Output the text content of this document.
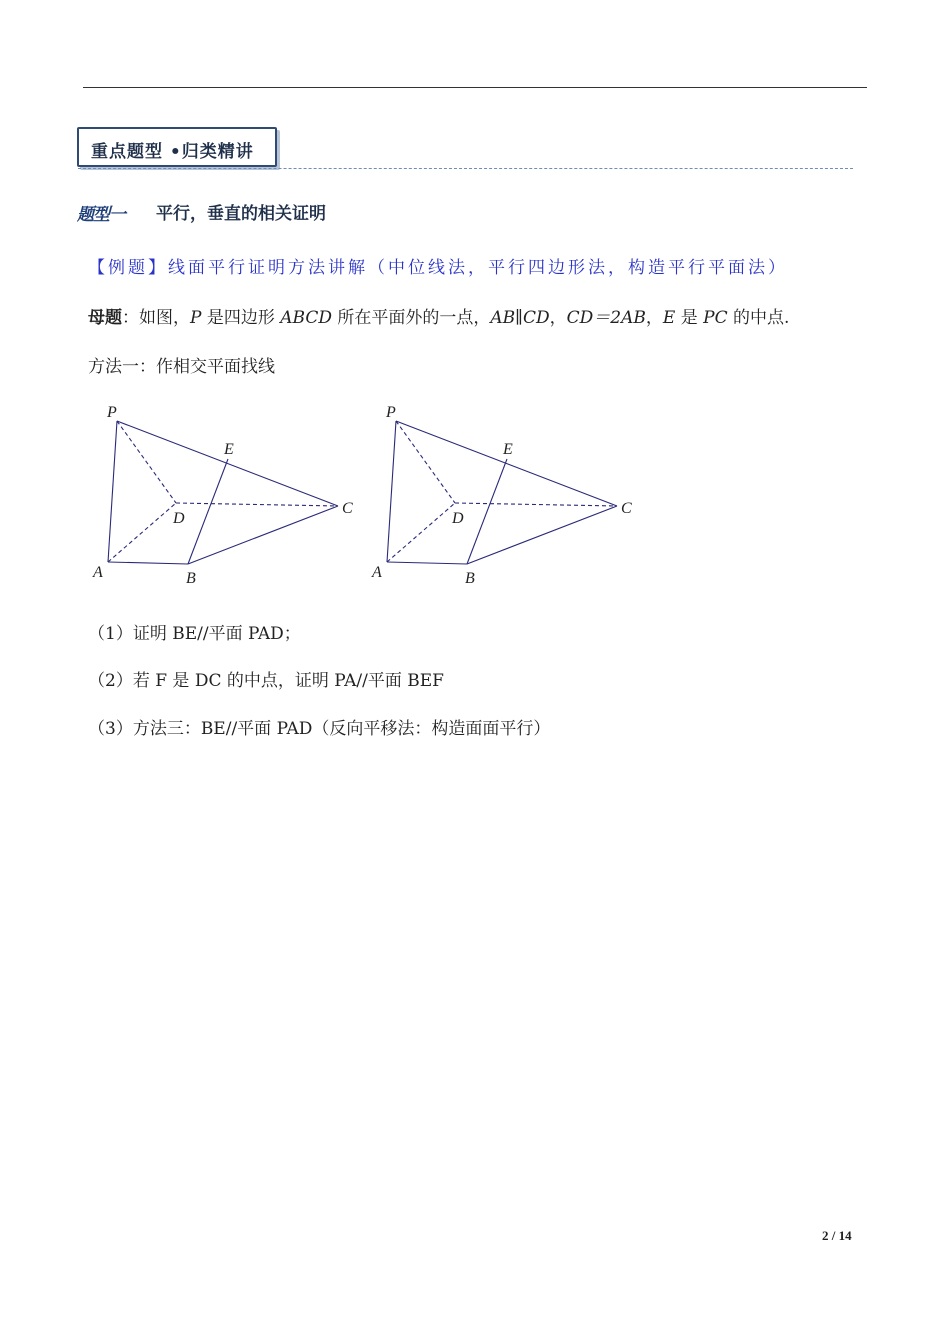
重点题型 •归类精讲
题型一 平行，垂直的相关证明
【例题】线面平行证明方法讲解（中位线法，平行四边形法，构造平行平面法）
母题：如图，P 是四边形 ABCD 所在平面外的一点，AB∥CD，CD＝2AB，E 是 PC 的中点.
方法一：作相交平面找线
P
E
D
C
A	B
P
E
D
C
A	B
（1）证明 BE//平面 PAD；
（2）若 F 是 DC 的中点，证明 PA//平面 BEF
（3）方法三：BE//平面 PAD（反向平移法：构造面面平行）
2 / 14
